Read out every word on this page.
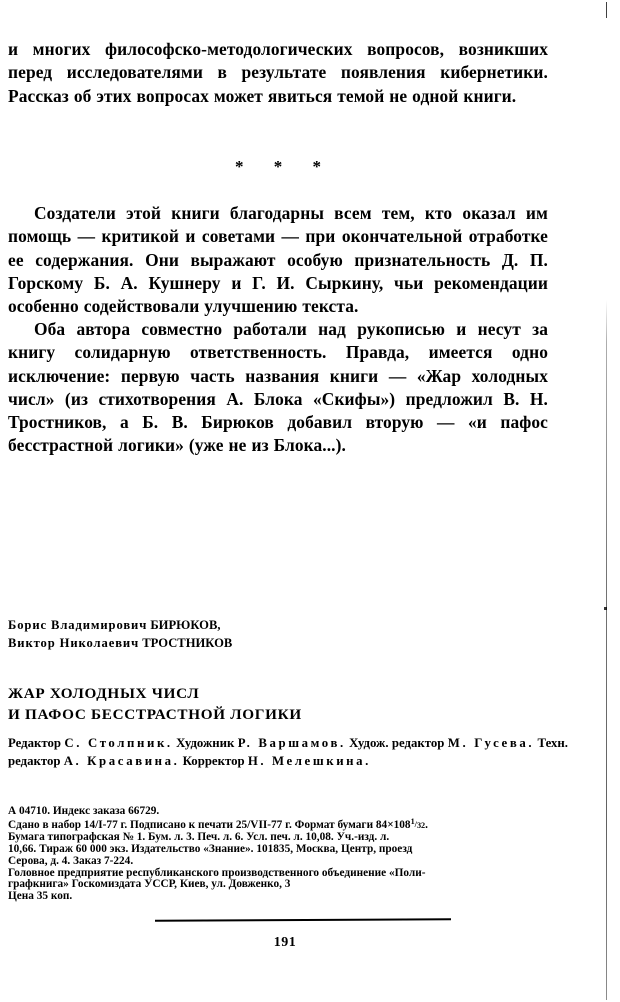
и многих философско-методологических вопросов, возникших перед исследователями в результате появления кибернетики. Рассказ об этих вопросах может явиться темой не одной книги.

* * *

Создатели этой книги благодарны всем тем, кто оказал им помощь — критикой и советами — при окончательной отработке ее содержания. Они выражают особую признательность Д. П. Горскому Б. А. Кушнеру и Г. И. Сыркину, чьи рекомендации особенно содействовали улучшению текста.

Оба автора совместно работали над рукописью и несут за книгу солидарную ответственность. Правда, имеется одно исключение: первую часть названия книги — «Жар холодных числ» (из стихотворения А. Блока «Скифы») предложил В. Н. Тростников, а Б. В. Бирюков добавил вторую — «и пафос бесстрастной логики» (уже не из Блока...).

Борис Владимирович БИРЮКОВ,
Виктор Николаевич ТРОСТНИКОВ
ЖАР ХОЛОДНЫХ ЧИСЛ
И ПАФОС БЕССТРАСТНОЙ ЛОГИКИ
Редактор С. Столпник. Художник Р. Варшамов. Худож. редактор М. Гусева. Техн. редактор А. Красавина. Корректор Н. Мелешкина.
А 04710. Индекс заказа 66729.
Сдано в набор 14/I-77 г. Подписано к печати 25/VII-77 г. Формат бумаги 84×1081/32.
Бумага типографская № 1. Бум. л. 3. Печ. л. 6. Усл. печ. л. 10,08. Уч.-изд. л.
10,66. Тираж 60 000 экз. Издательство «Знание». 101835, Москва, Центр, проезд
Серова, д. 4. Заказ 7-224.
Головное предприятие республиканского производственного объединение «Поли-
графкнига» Госкомиздата УССР, Киев, ул. Довженко, 3
Цена 35 коп.
191
